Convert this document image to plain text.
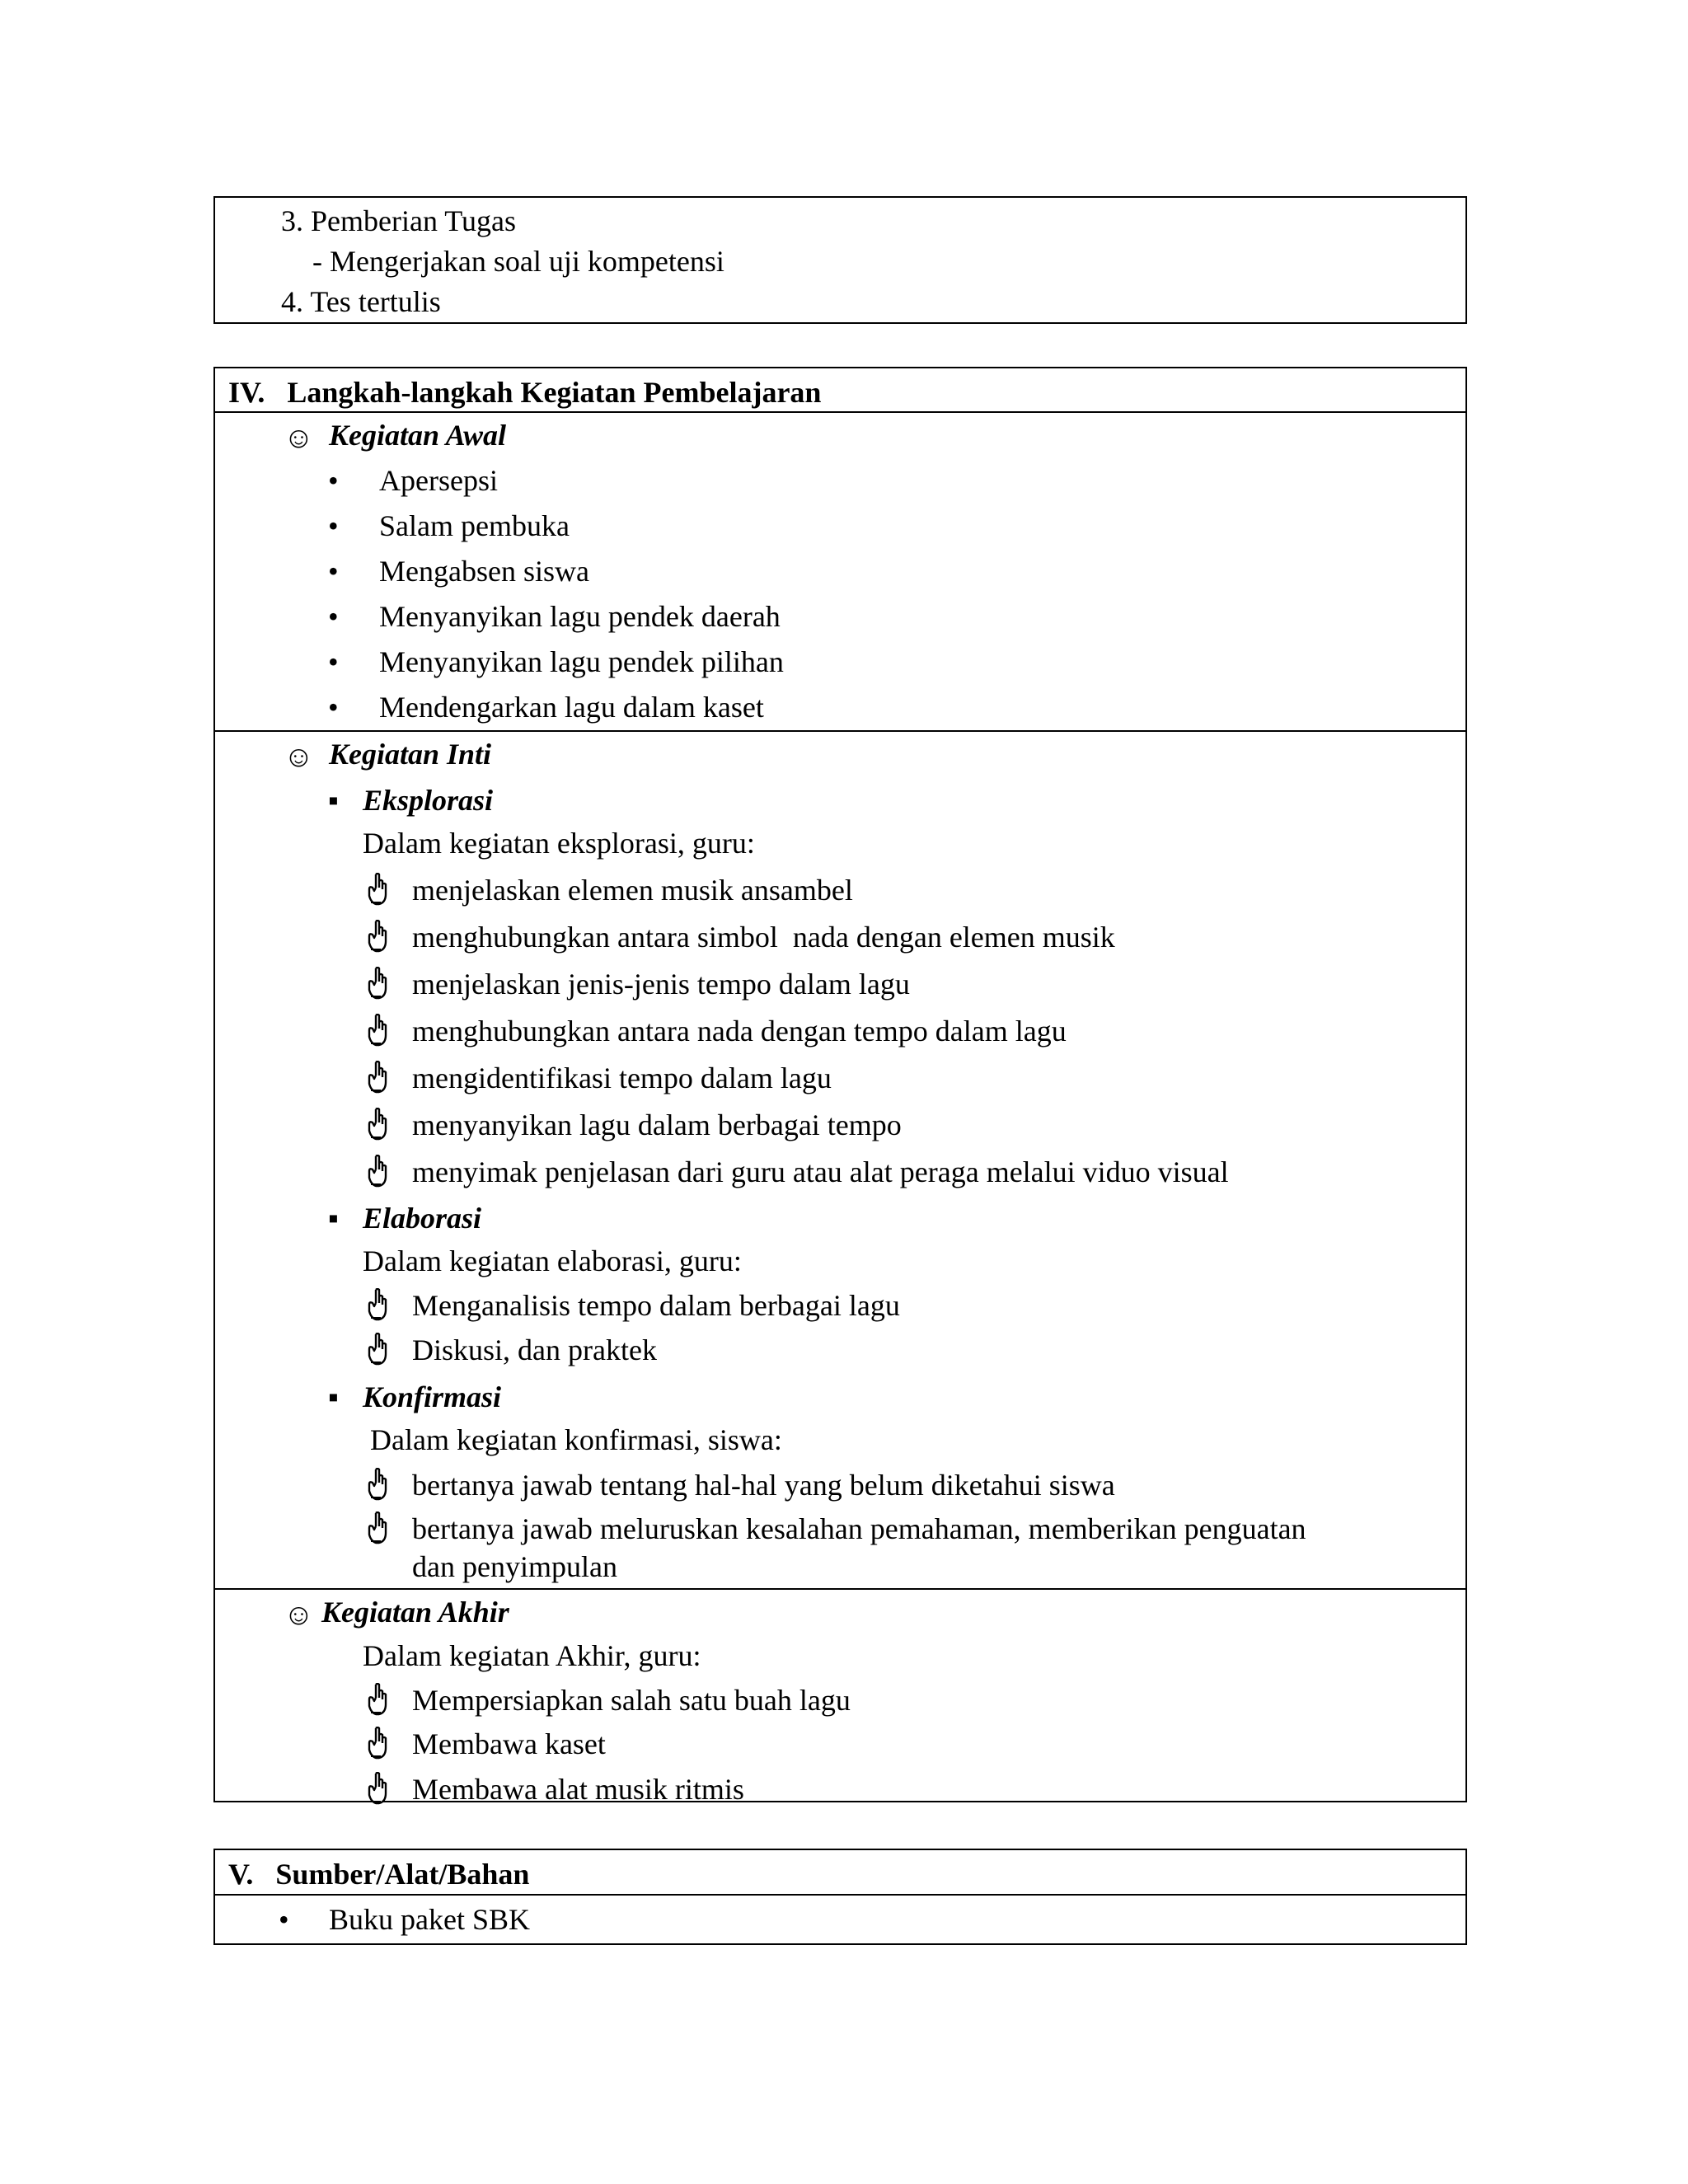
3. Pemberian Tugas
- Mengerjakan soal uji kompetensi
4. Tes tertulis
IV.   Langkah-langkah Kegiatan Pembelajaran
☺ Kegiatan Awal
• Apersepsi
• Salam pembuka
• Mengabsen siswa
• Menyanyikan lagu pendek daerah
• Menyanyikan lagu pendek pilihan
• Mendengarkan lagu dalam kaset
☺ Kegiatan Inti
▪ Eksplorasi
Dalam kegiatan eksplorasi, guru:
menjelaskan elemen musik ansambel
menghubungkan antara simbol  nada dengan elemen musik
menjelaskan jenis-jenis tempo dalam lagu
menghubungkan antara nada dengan tempo dalam lagu
mengidentifikasi tempo dalam lagu
menyanyikan lagu dalam berbagai tempo
menyimak penjelasan dari guru atau alat peraga melalui viduo visual
▪ Elaborasi
Dalam kegiatan elaborasi, guru:
Menganalisis tempo dalam berbagai lagu
Diskusi, dan praktek
▪ Konfirmasi
Dalam kegiatan konfirmasi, siswa:
bertanya jawab tentang hal-hal yang belum diketahui siswa
bertanya jawab meluruskan kesalahan pemahaman, memberikan penguatan
dan penyimpulan
☺ Kegiatan Akhir
Dalam kegiatan Akhir, guru:
Mempersiapkan salah satu buah lagu
Membawa kaset
Membawa alat musik ritmis
V.   Sumber/Alat/Bahan
• Buku paket SBK
